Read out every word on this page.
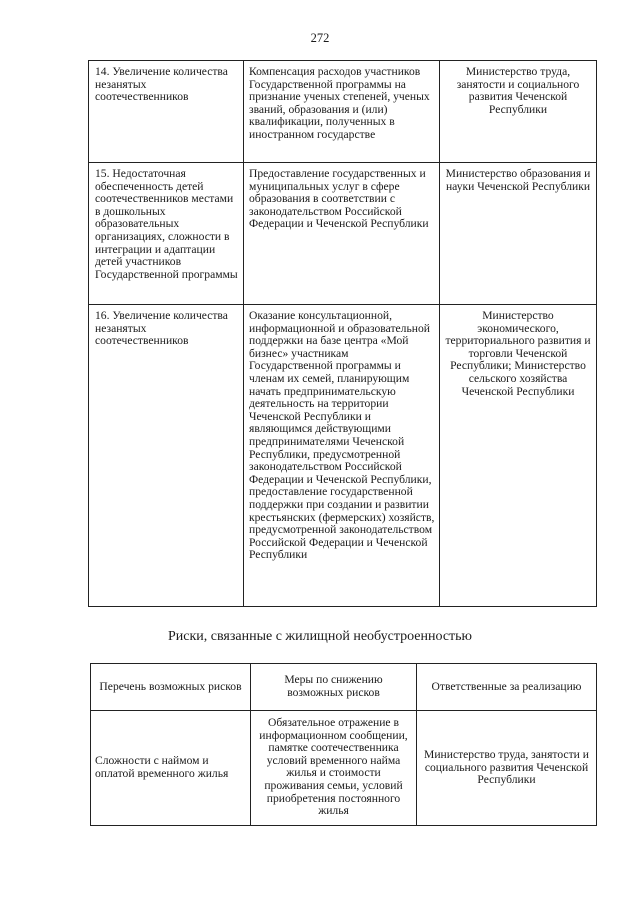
272
14. Увеличение количества незанятых соотечественников	Компенсация расходов участников Государственной программы на признание ученых степеней, ученых званий, образования и (или) квалификации, полученных в иностранном государстве	Министерство труда, занятости и социального развития Чеченской Республики
15. Недостаточная обеспеченность детей соотечественников местами в дошкольных образовательных организациях, сложности в интеграции и адаптации детей участников Государственной программы	Предоставление государственных и муниципальных услуг в сфере образования в соответствии с законодательством Российской Федерации и Чеченской Республики	Министерство образования и науки Чеченской Республики
16. Увеличение количества незанятых соотечественников	Оказание консультационной, информационной и образовательной поддержки на базе центра «Мой бизнес» участникам Государственной программы и членам их семей, планирующим начать предпринимательскую деятельность на территории Чеченской Республики и являющимся действующими предпринимателями Чеченской Республики, предусмотренной законодательством Российской Федерации и Чеченской Республики, предоставление государственной поддержки при создании и развитии крестьянских (фермерских) хозяйств, предусмотренной законодательством Российской Федерации и Чеченской Республики	Министерство экономического, территориального развития и торговли Чеченской Республики; Министерство сельского хозяйства Чеченской Республики
Риски, связанные с жилищной необустроенностью
Перечень возможных рисков	Меры по снижению возможных рисков	Ответственные за реализацию
Сложности с наймом и оплатой временного жилья	Обязательное отражение в информационном сообщении, памятке соотечественника условий временного найма жилья и стоимости проживания семьи, условий приобретения постоянного жилья	Министерство труда, занятости и социального развития Чеченской Республики
